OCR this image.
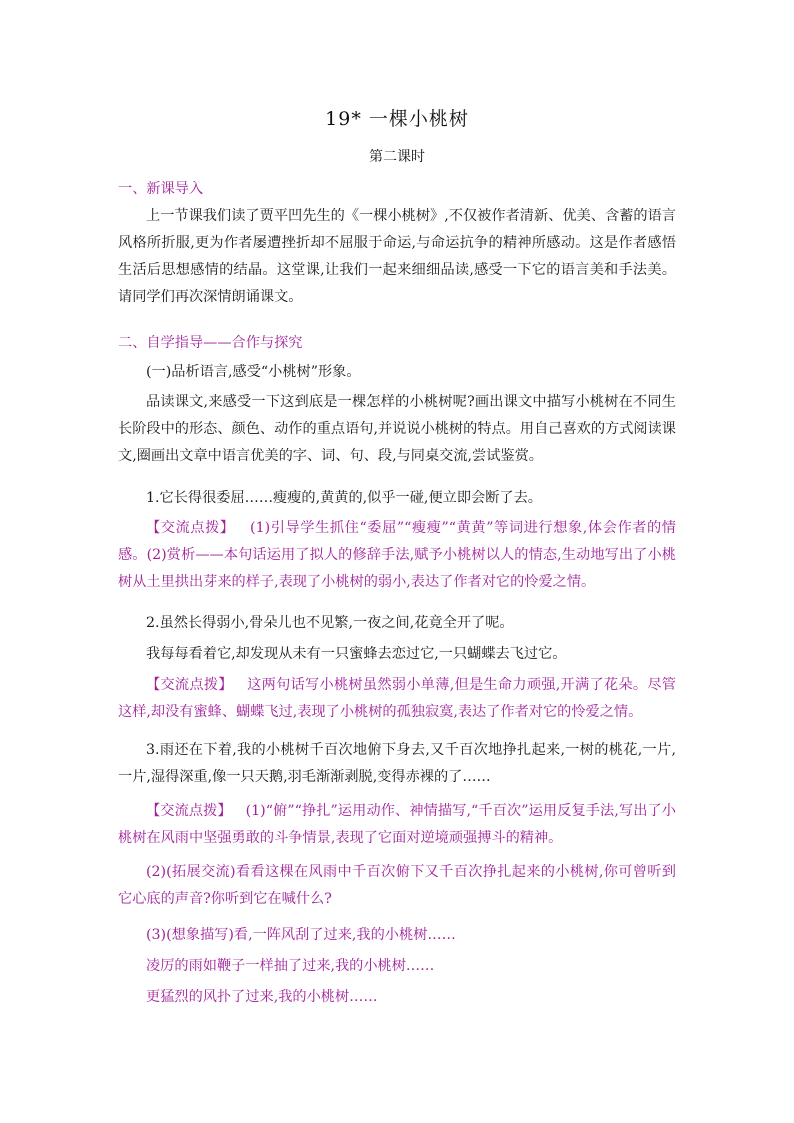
19* 一棵小桃树
第二课时

一、新课导入

上一节课我们读了贾平凹先生的《一棵小桃树》,不仅被作者清新、优美、含蓄的语言风格所折服,更为作者屡遭挫折却不屈服于命运,与命运抗争的精神所感动。这是作者感悟生活后思想感情的结晶。这堂课,让我们一起来细细品读,感受一下它的语言美和手法美。请同学们再次深情朗诵课文。

二、自学指导——合作与探究

(一)品析语言,感受“小桃树”形象。

品读课文,来感受一下这到底是一棵怎样的小桃树呢?画出课文中描写小桃树在不同生长阶段中的形态、颜色、动作的重点语句,并说说小桃树的特点。用自己喜欢的方式阅读课文,圈画出文章中语言优美的字、词、句、段,与同桌交流,尝试鉴赏。

1.它长得很委屈……瘦瘦的,黄黄的,似乎一碰,便立即会断了去。

【交流点拨】 (1)引导学生抓住“委屈”“瘦瘦”“黄黄”等词进行想象,体会作者的情感。(2)赏析——本句话运用了拟人的修辞手法,赋予小桃树以人的情态,生动地写出了小桃树从土里拱出芽来的样子,表现了小桃树的弱小,表达了作者对它的怜爱之情。

2.虽然长得弱小,骨朵儿也不见繁,一夜之间,花竟全开了呢。

我每每看着它,却发现从未有一只蜜蜂去恋过它,一只蝴蝶去飞过它。

【交流点拨】 这两句话写小桃树虽然弱小单薄,但是生命力顽强,开满了花朵。尽管这样,却没有蜜蜂、蝴蝶飞过,表现了小桃树的孤独寂寞,表达了作者对它的怜爱之情。

3.雨还在下着,我的小桃树千百次地俯下身去,又千百次地挣扎起来,一树的桃花,一片,一片,湿得深重,像一只天鹅,羽毛渐渐剥脱,变得赤裸的了……

【交流点拨】 (1)“俯”“挣扎”运用动作、神情描写,“千百次”运用反复手法,写出了小桃树在风雨中坚强勇敢的斗争情景,表现了它面对逆境顽强搏斗的精神。

(2)(拓展交流)看看这棵在风雨中千百次俯下又千百次挣扎起来的小桃树,你可曾听到它心底的声音?你听到它在喊什么?

(3)(想象描写)看,一阵风刮了过来,我的小桃树……

凌厉的雨如鞭子一样抽了过来,我的小桃树……

更猛烈的风扑了过来,我的小桃树……
